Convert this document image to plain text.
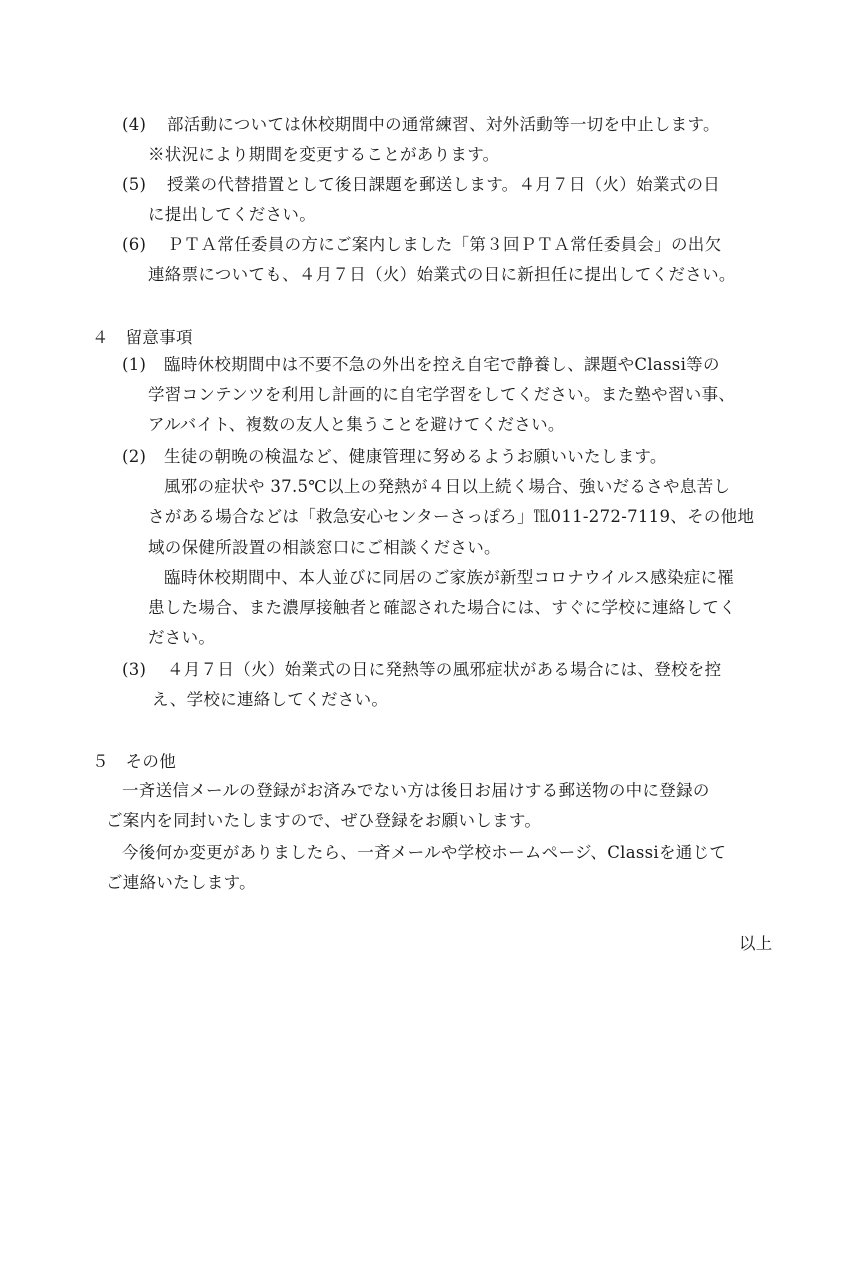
(4) 部活動については休校期間中の通常練習、対外活動等一切を中止します。
※状況により期間を変更することがあります。
(5) 授業の代替措置として後日課題を郵送します。４月７日（火）始業式の日
に提出してください。
(6) ＰＴＡ常任委員の方にご案内しました「第３回ＰＴＡ常任委員会」の出欠
連絡票についても、４月７日（火）始業式の日に新担任に提出してください。
４　留意事項
(1) 臨時休校期間中は不要不急の外出を控え自宅で静養し、課題やClassi等の
学習コンテンツを利用し計画的に自宅学習をしてください。また塾や習い事、
アルバイト、複数の友人と集うことを避けてください。
(2) 生徒の朝晩の検温など、健康管理に努めるようお願いいたします。
風邪の症状や 37.5℃以上の発熱が４日以上続く場合、強いだるさや息苦し
さがある場合などは「救急安心センターさっぽろ」℡011-272-7119、その他地
域の保健所設置の相談窓口にご相談ください。
臨時休校期間中、本人並びに同居のご家族が新型コロナウイルス感染症に罹
患した場合、また濃厚接触者と確認された場合には、すぐに学校に連絡してく
ださい。
(3) ４月７日（火）始業式の日に発熱等の風邪症状がある場合には、登校を控
え、学校に連絡してください。
５　その他
一斉送信メールの登録がお済みでない方は後日お届けする郵送物の中に登録の
ご案内を同封いたしますので、ぜひ登録をお願いします。
今後何か変更がありましたら、一斉メールや学校ホームページ、Classiを通じて
ご連絡いたします。
以上
